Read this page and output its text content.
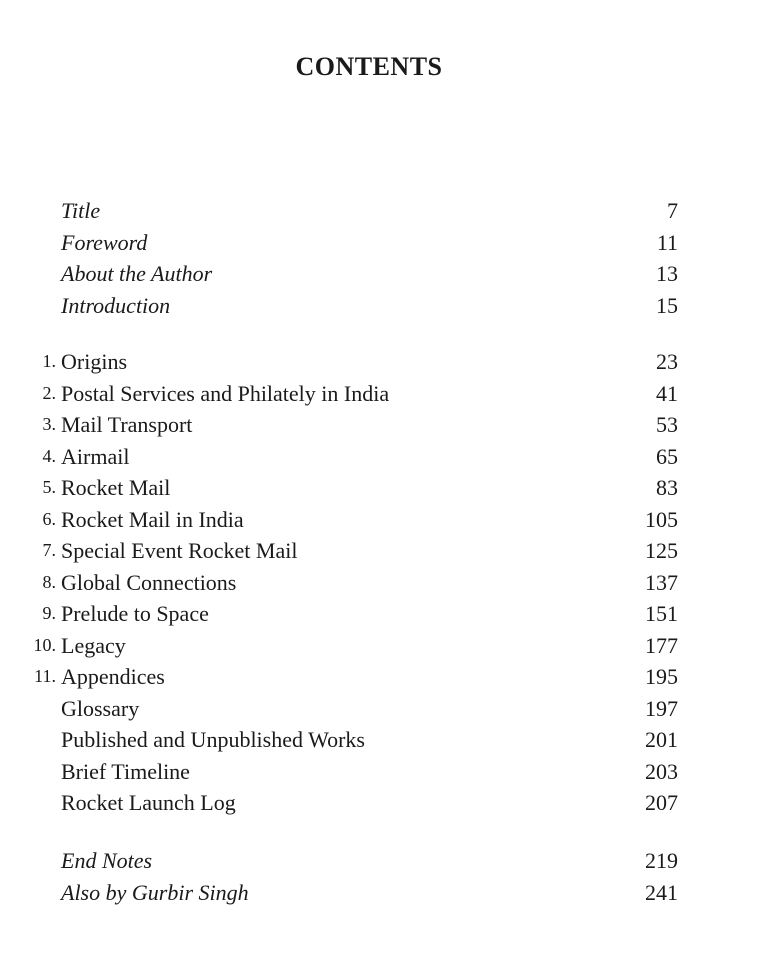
CONTENTS
Title	7
Foreword	11
About the Author	13
Introduction	15
1. Origins	23
2. Postal Services and Philately in India	41
3. Mail Transport	53
4. Airmail	65
5. Rocket Mail	83
6. Rocket Mail in India	105
7. Special Event Rocket Mail	125
8. Global Connections	137
9. Prelude to Space	151
10. Legacy	177
11. Appendices	195
Glossary	197
Published and Unpublished Works	201
Brief Timeline	203
Rocket Launch Log	207
End Notes	219
Also by Gurbir Singh	241
